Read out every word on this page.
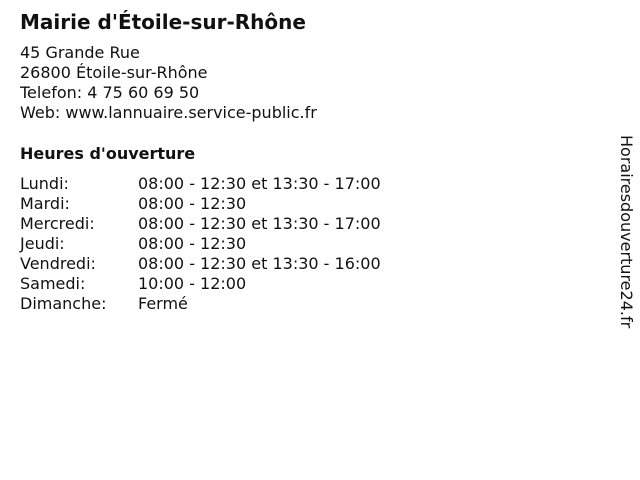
Mairie d'Étoile-sur-Rhône
45 Grande Rue
26800 Étoile-sur-Rhône
Telefon: 4 75 60 69 50
Web: www.lannuaire.service-public.fr
Heures d'ouverture
Lundi:	08:00 - 12:30 et 13:30 - 17:00
Mardi:	08:00 - 12:30
Mercredi:	08:00 - 12:30 et 13:30 - 17:00
Jeudi:	08:00 - 12:30
Vendredi:	08:00 - 12:30 et 13:30 - 16:00
Samedi:	10:00 - 12:00
Dimanche:	Fermé	Horairesdouverture24.fr
